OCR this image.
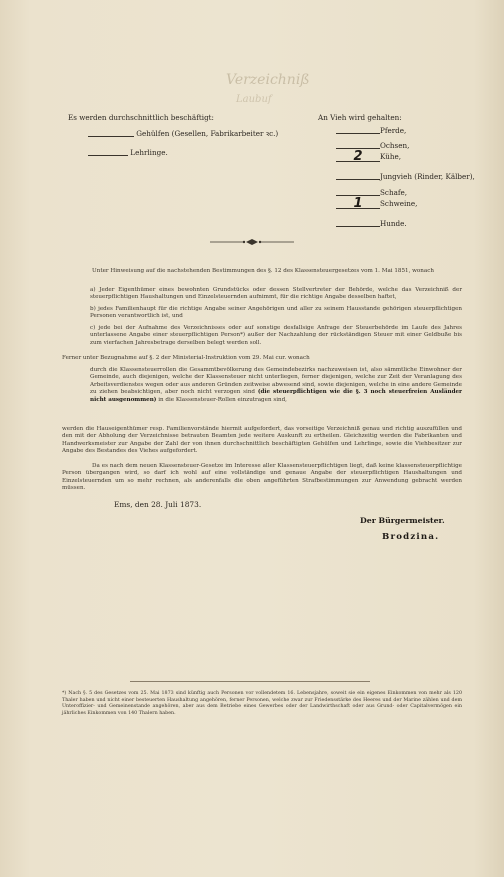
Verzeichniß
Laubuf
Es werden durchschnittlich beschäftigt:
Gehülfen (Gesellen, Fabrikarbeiter ꝛc.)
Lehrlinge.
An Vieh wird gehalten:
Pferde,
Ochsen,
2 Kühe,
Jungvieh (Rinder, Kälber),
Schafe,
1 Schweine,
Hunde.
Unter Hinweisung auf die nachstehenden Bestimmungen des §. 12 des Klassensteuergesetzes vom 1. Mai 1851, wonach
a) Jeder Eigenthümer eines bewohnten Grundstücks oder dessen Stellvertreter der Behörde, welche das Verzeichniß der steuerpflichtigen Haushaltungen und Einzelsteuernden aufnimmt, für die richtige Angabe desselben haftet,
b) jedes Familienhaupt für die richtige Angabe seiner Angehörigen und aller zu seinem Hausstande gehörigen steuerpflichtigen Personen verantwortlich ist, und
c) jede bei der Aufnahme des Verzeichnisses oder auf sonstige desfallsige Anfrage der Steuerbehörde im Laufe des Jahres unterlassene Angabe einer steuerpflichtigen Person*) außer der Nachzahlung der rückständigen Steuer mit einer Geldbuße bis zum vierfachen Jahresbetrage derselben belegt werden soll.
Ferner unter Bezugnahme auf §. 2 der Ministerial-Instruktion vom 29. Mai cur. wonach
durch die Klassensteuerrollen die Gesammtbevölkerung des Gemeindebezirks nachzuweisen ist, also sämmtliche Einwohner der Gemeinde, auch diejenigen, welche der Klassensteuer nicht unterliegen, ferner diejenigen, welche zur Zeit der Veranlagung des Arbeitsverdienstes wegen oder aus anderen Gründen zeitweise abwesend sind, sowie diejenigen, welche in eine andere Gemeinde zu ziehen beabsichtigen, aber noch nicht verzogen sind (die steuerpflichtigen wie die §. 3 noch steuerfreien Ausländer nicht ausgenommen) in die Klassensteuer-Rollen einzutragen sind,
werden die Hauseigenthümer resp. Familienvorstände hiermit aufgefordert, das vorseitige Verzeichniß genau und richtig auszufüllen und den mit der Abholung der Verzeichnisse betrauten Beamten jede weitere Auskunft zu ertheilen. Gleichzeitig werden die Fabrikanten und Handwerksmeister zur Angabe der Zahl der von ihnen durchschnittlich beschäftigten Gehülfen und Lehrlinge, sowie die Viehbesitzer zur Angabe des Bestandes des Viehes aufgefordert.
Da es nach dem neuen Klassensteuer-Gesetze im Interesse aller Klassensteuerpflichtigen liegt, daß keine klassensteuerpflichtige Person übergangen wird, so darf ich wohl auf eine vollständige und genaue Angabe der steuerpflichtigen Haushaltungen und Einzelsteuernden um so mehr rechnen, als anderenfalls die oben angeführten Strafbestimmungen zur Anwendung gebracht werden müssen.
Ems, den 28. Juli 1873.
Der Bürgermeister.
Brodzina.
*) Nach §. 5 des Gesetzes vom 25. Mai 1873 sind künftig auch Personen vor vollendetem 16. Lebensjahre, soweit sie ein eigenes Einkommen von mehr als 120 Thaler haben und nicht einer besteuerten Haushaltung angehören, ferner Personen, welche zwar zur Friedensstärke des Heeres und der Marine zählen und dem Unteroffizier- und Gemeinenstande angehören, aber aus dem Betriebe eines Gewerbes oder der Landwirthschaft oder aus Grund- oder Capitalvermögen ein jährliches Einkommen von 140 Thalern haben.
